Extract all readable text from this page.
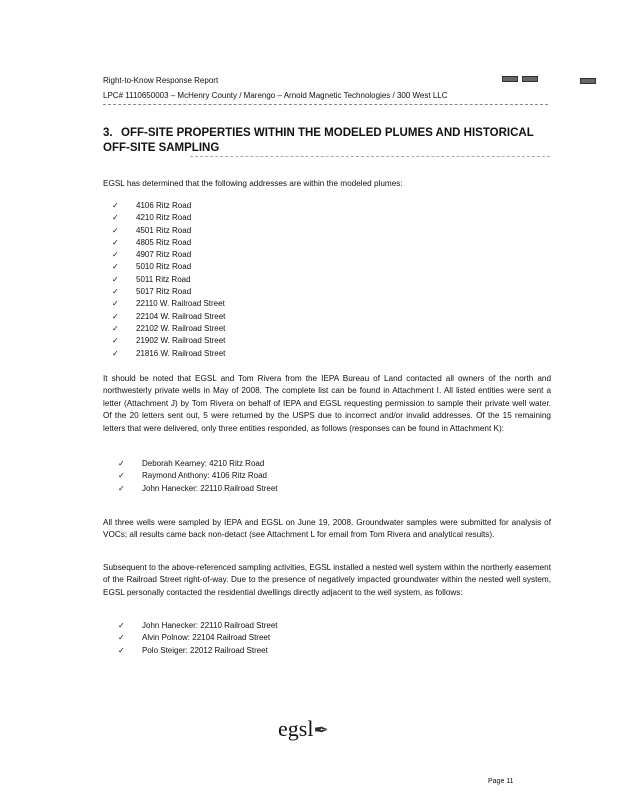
Right-to-Know Response Report
LPC# 1110650003 – McHenry County / Marengo – Arnold Magnetic Technologies / 300 West LLC
3. OFF-SITE PROPERTIES WITHIN THE MODELED PLUMES AND HISTORICAL OFF-SITE SAMPLING
EGSL has determined that the following addresses are within the modeled plumes:
✓	4106 Ritz Road
✓	4210 Ritz Road
✓	4501 Ritz Road
✓	4805 Ritz Road
✓	4907 Ritz Road
✓	5010 Ritz Road
✓	5011 Ritz Road
✓	5017 Ritz Road
✓	22110 W. Railroad Street
✓	22104 W. Railroad Street
✓	22102 W. Railroad Street
✓	21902 W. Railroad Street
✓	21816 W. Railroad Street
It should be noted that EGSL and Tom Rivera from the IEPA Bureau of Land contacted all owners of the north and northwesterly private wells in May of 2008. The complete list can be found in Attachment I. All listed entities were sent a letter (Attachment J) by Tom Rivera on behalf of IEPA and EGSL requesting permission to sample their private well water. Of the 20 letters sent out, 5 were returned by the USPS due to incorrect and/or invalid addresses. Of the 15 remaining letters that were delivered, only three entities responded, as follows (responses can be found in Attachment K):
✓	Deborah Kearney: 4210 Ritz Road
✓	Raymond Anthony: 4106 Ritz Road
✓	John Hanecker: 22110 Railroad Street
All three wells were sampled by IEPA and EGSL on June 19, 2008. Groundwater samples were submitted for analysis of VOCs; all results came back non-detact (see Attachment L for email from Tom Rivera and analytical results).
Subsequent to the above-referenced sampling activities, EGSL installed a nested well system within the northerly easement of the Railroad Street right-of-way. Due to the presence of negatively impacted groundwater within the nested well system, EGSL personally contacted the residential dwellings directly adjacent to the well system, as follows:
✓	John Hanecker: 22110 Railroad Street
✓	Alvin Polnow: 22104 Railroad Street
✓	Polo Steiger: 22012 Railroad Street
egsl✒
Page 11
